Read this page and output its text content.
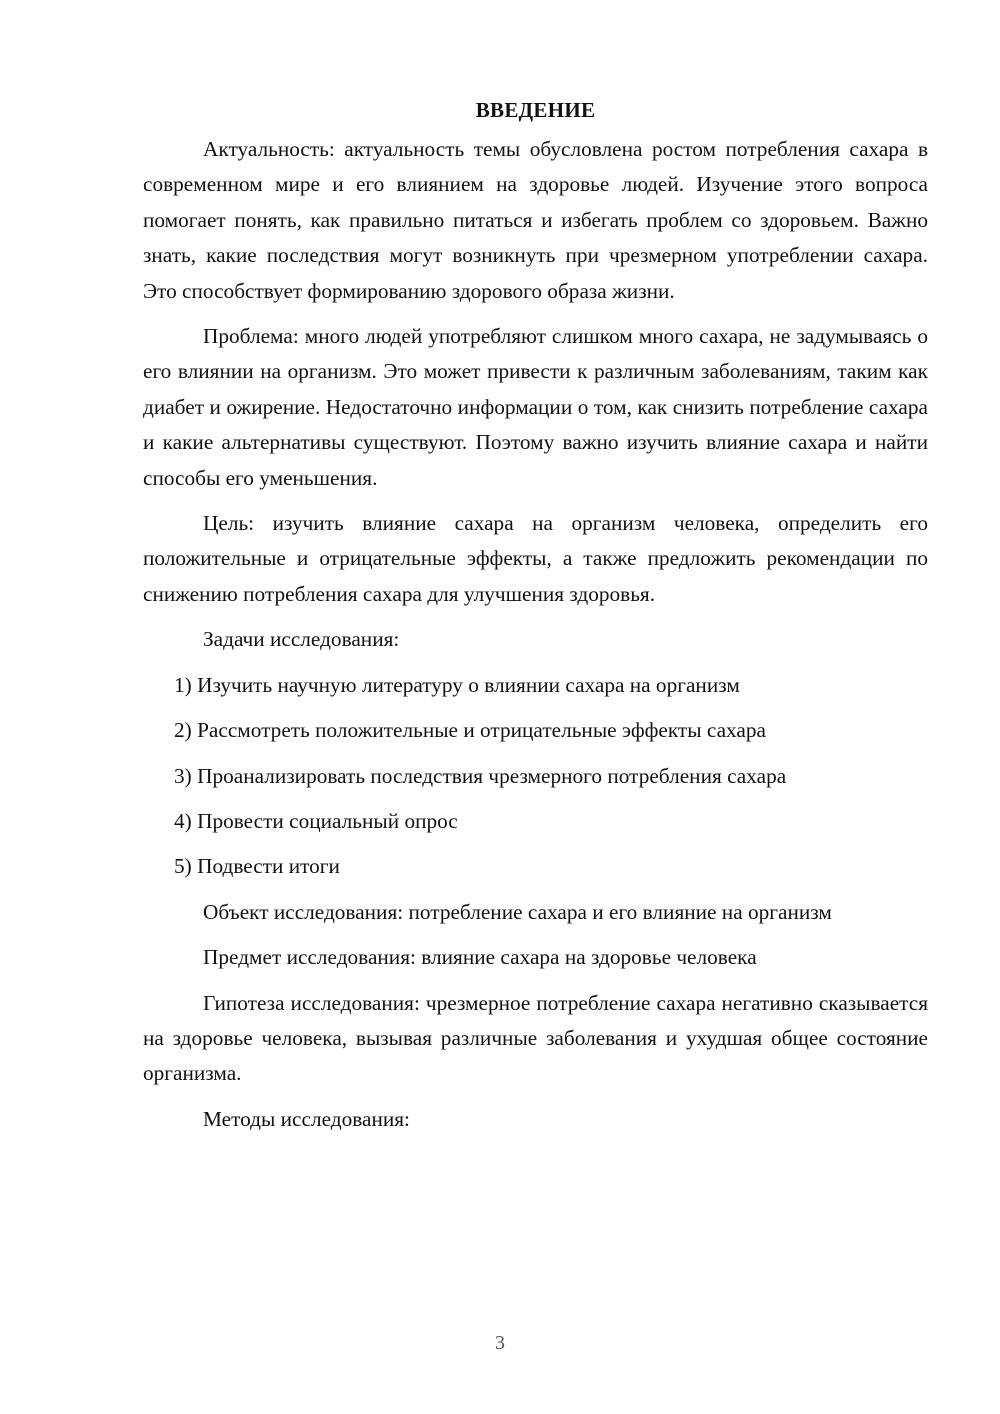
ВВЕДЕНИЕ

Актуальность: актуальность темы обусловлена ростом потребления сахара в современном мире и его влиянием на здоровье людей. Изучение этого вопроса помогает понять, как правильно питаться и избегать проблем со здоровьем. Важно знать, какие последствия могут возникнуть при чрезмерном употреблении сахара. Это способствует формированию здорового образа жизни.

Проблема: много людей употребляют слишком много сахара, не задумываясь о его влиянии на организм. Это может привести к различным заболеваниям, таким как диабет и ожирение. Недостаточно информации о том, как снизить потребление сахара и какие альтернативы существуют. Поэтому важно изучить влияние сахара и найти способы его уменьшения.

Цель: изучить влияние сахара на организм человека, определить его положительные и отрицательные эффекты, а также предложить рекомендации по снижению потребления сахара для улучшения здоровья.

Задачи исследования:

1) Изучить научную литературу о влиянии сахара на организм
2) Рассмотреть положительные и отрицательные эффекты сахара
3) Проанализировать последствия чрезмерного потребления сахара
4) Провести социальный опрос
5) Подвести итоги

Объект исследования: потребление сахара и его влияние на организм

Предмет исследования: влияние сахара на здоровье человека

Гипотеза исследования: чрезмерное потребление сахара негативно сказывается на здоровье человека, вызывая различные заболевания и ухудшая общее состояние организма.

Методы исследования:

3
